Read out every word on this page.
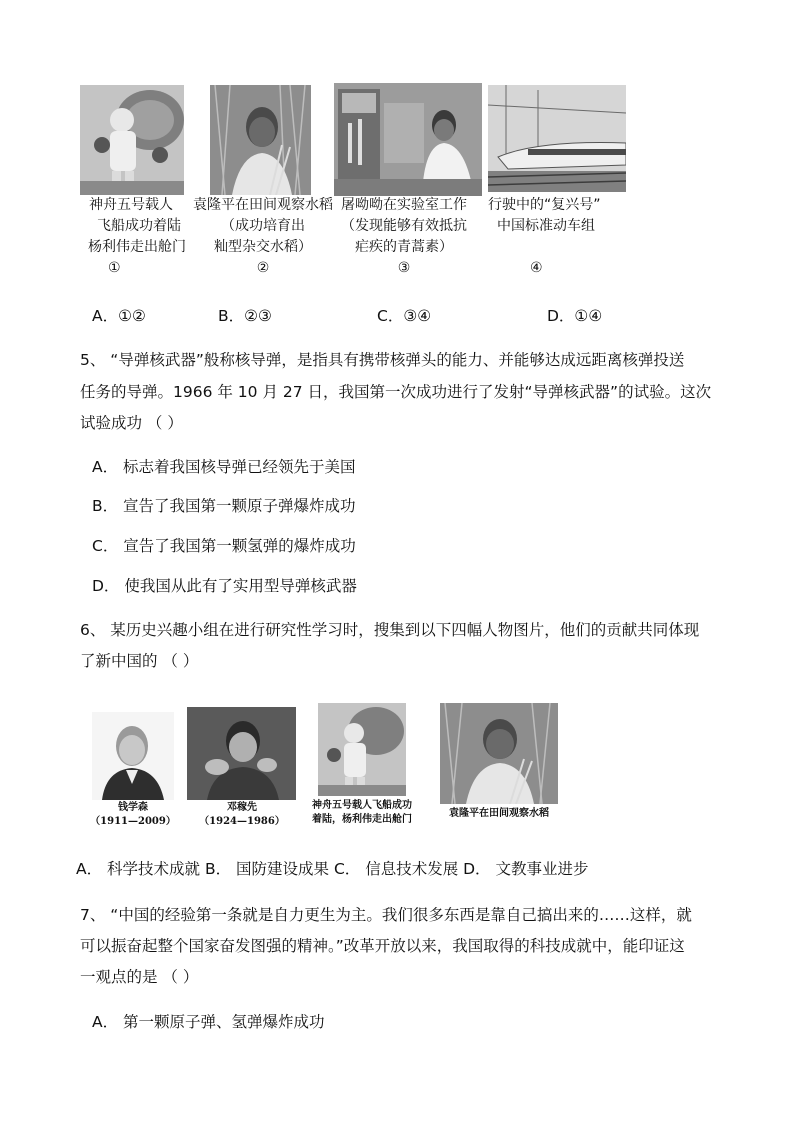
神舟五号载人
飞船成功着陆
杨利伟走出舱门
①
袁隆平在田间观察水稻
（成功培育出
籼型杂交水稻）
②
屠呦呦在实验室工作
（发现能够有效抵抗
疟疾的青蒿素）
③
行驶中的“复兴号”
中国标准动车组
④
A．①②	B．②③	C．③④	D．①④
5、 “导弹核武器”般称核导弹，是指具有携带核弹头的能力、并能够达成远距离核弹投送
任务的导弹。1966 年 10 月 27 日，我国第一次成功进行了发射“导弹核武器”的试验。这次
试验成功 （ ）
A． 标志着我国核导弹已经领先于美国
B． 宣告了我国第一颗原子弹爆炸成功
C． 宣告了我国第一颗氢弹的爆炸成功
D． 使我国从此有了实用型导弹核武器
6、 某历史兴趣小组在进行研究性学习时，搜集到以下四幅人物图片，他们的贡献共同体现
了新中国的 （ ）
钱学森
（1911—2009）
邓稼先
（1924—1986）
神舟五号载人飞船成功
着陆，杨利伟走出舱门
袁隆平在田间观察水稻
A． 科学技术成就 B． 国防建设成果 C． 信息技术发展 D． 文教事业进步
7、 “中国的经验第一条就是自力更生为主。我们很多东西是靠自己搞出来的……这样，就
可以振奋起整个国家奋发图强的精神。”改革开放以来，我国取得的科技成就中，能印证这
一观点的是 （ ）
A． 第一颗原子弹、氢弹爆炸成功
